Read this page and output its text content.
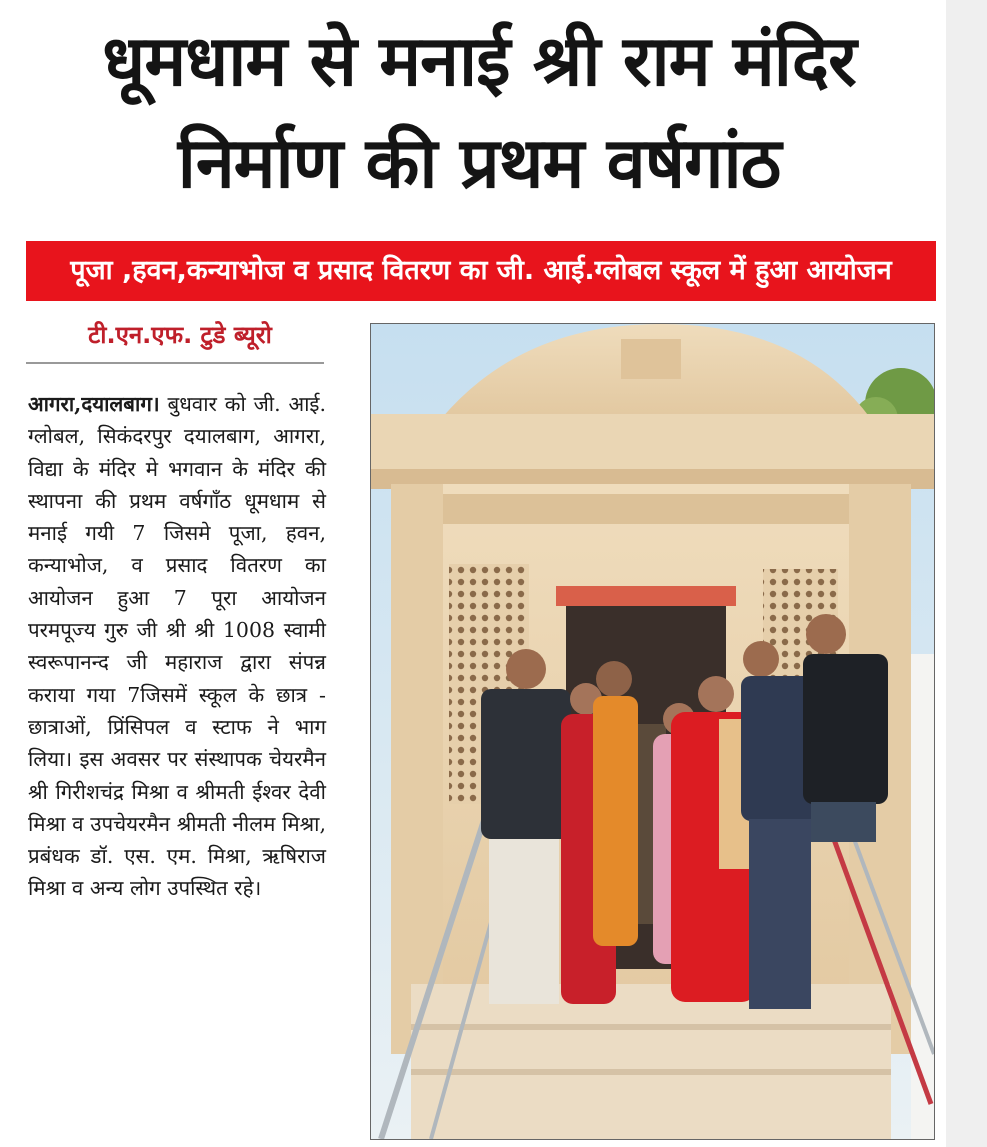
धूमधाम से मनाई श्री राम मंदिर
निर्माण की प्रथम वर्षगांठ
पूजा ,हवन,कन्याभोज व प्रसाद वितरण का जी. आई.ग्लोबल स्कूल में हुआ आयोजन
टी.एन.एफ. टुडे ब्यूरो
आगरा,दयालबाग। बुधवार को जी. आई. ग्लोबल, सिकंदरपुर दयालबाग, आगरा, विद्या के मंदिर मे भगवान के मंदिर की स्थापना की प्रथम वर्षगाँठ धूमधाम से मनाई गयी 7 जिसमे पूजा, हवन, कन्याभोज, व प्रसाद वितरण का आयोजन हुआ 7 पूरा आयोजन परमपूज्य गुरु जी श्री श्री 1008 स्वामी स्वरूपानन्द जी महाराज द्वारा संपन्न कराया गया 7जिसमें स्कूल के छात्र - छात्राओं, प्रिंसिपल व स्टाफ ने भाग लिया। इस अवसर पर संस्थापक चेयरमैन श्री गिरीशचंद्र मिश्रा व श्रीमती ईश्वर देवी मिश्रा व उपचेयरमैन श्रीमती नीलम मिश्रा, प्रबंधक डॉ. एस. एम. मिश्रा, ऋषिराज मिश्रा व अन्य लोग उपस्थित रहे।
